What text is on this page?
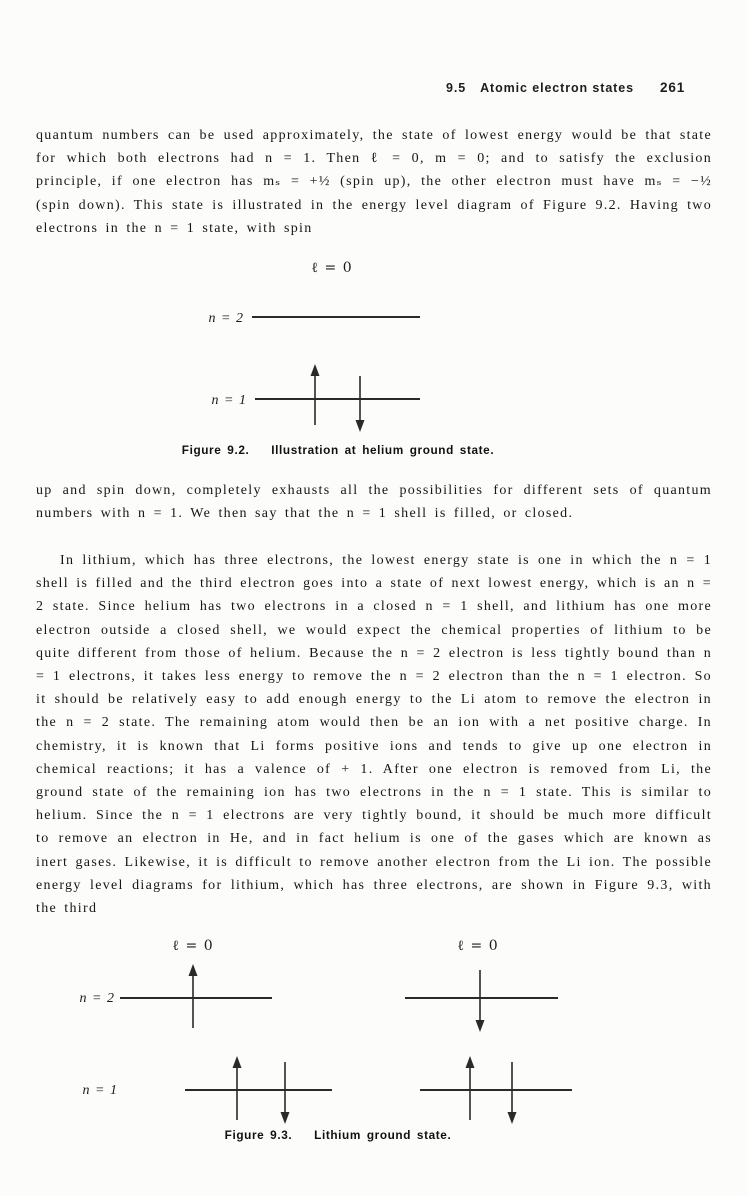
9.5 Atomic electron states 261

quantum numbers can be used approximately, the state of lowest energy would be that state for which both electrons had n = 1. Then ℓ = 0, m = 0; and to satisfy the exclusion principle, if one electron has mₛ = +½ (spin up), the other electron must have mₛ = −½ (spin down). This state is illustrated in the energy level diagram of Figure 9.2. Having two electrons in the n = 1 state, with spin

ℓ = 0
n = 2
n = 1
Figure 9.2. Illustration at helium ground state.

up and spin down, completely exhausts all the possibilities for different sets of quantum numbers with n = 1. We then say that the n = 1 shell is filled, or closed.

In lithium, which has three electrons, the lowest energy state is one in which the n = 1 shell is filled and the third electron goes into a state of next lowest energy, which is an n = 2 state. Since helium has two electrons in a closed n = 1 shell, and lithium has one more electron outside a closed shell, we would expect the chemical properties of lithium to be quite different from those of helium. Because the n = 2 electron is less tightly bound than n = 1 electrons, it takes less energy to remove the n = 2 electron than the n = 1 electron. So it should be relatively easy to add enough energy to the Li atom to remove the electron in the n = 2 state. The remaining atom would then be an ion with a net positive charge. In chemistry, it is known that Li forms positive ions and tends to give up one electron in chemical reactions; it has a valence of + 1. After one electron is removed from Li, the ground state of the remaining ion has two electrons in the n = 1 state. This is similar to helium. Since the n = 1 electrons are very tightly bound, it should be much more difficult to remove an electron in He, and in fact helium is one of the gases which are known as inert gases. Likewise, it is difficult to remove another electron from the Li ion. The possible energy level diagrams for lithium, which has three electrons, are shown in Figure 9.3, with the third

ℓ = 0
n = 2
n = 1
ℓ = 0
Figure 9.3. Lithium ground state.
